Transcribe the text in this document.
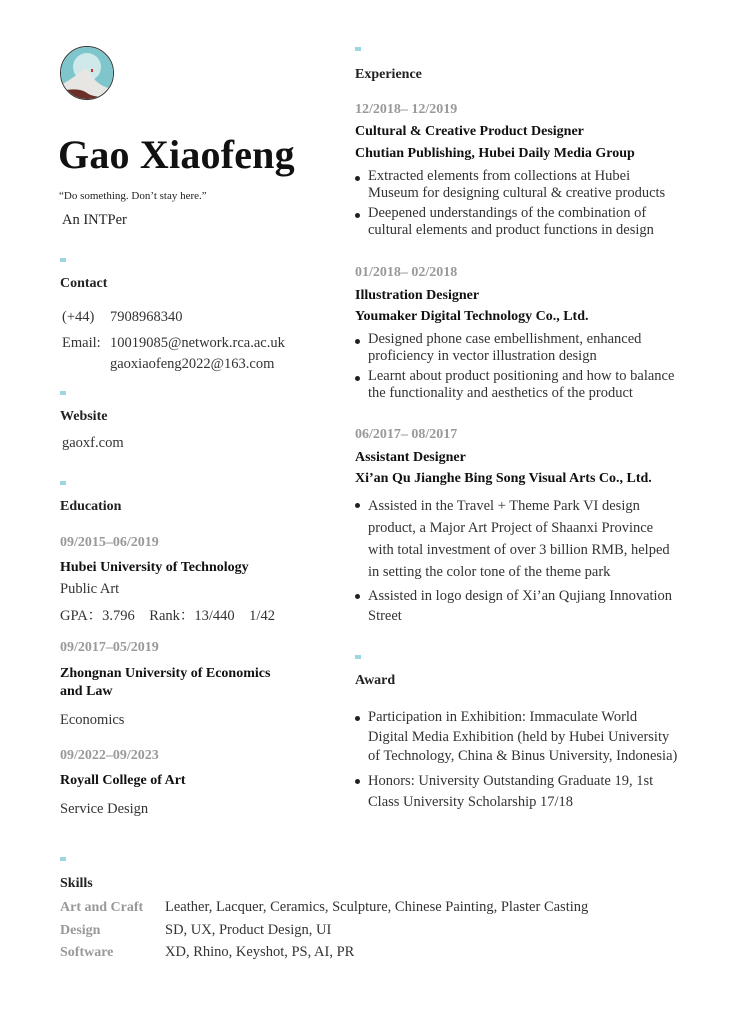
Gao Xiaofeng
“Do something. Don’t stay here.”
An INTPer
Contact
(+44) 7908968340
Email: 10019085@network.rca.ac.uk
gaoxiaofeng2022@163.com
Website
gaoxf.com
Education
09/2015–06/2019
Hubei University of Technology
Public Art
GPA：3.796　Rank：13/440　1/42
09/2017–05/2019
Zhongnan University of Economics
and Law
Economics
09/2022–09/2023
Royall College of Art
Service Design
Experience
12/2018– 12/2019
Cultural & Creative Product Designer
Chutian Publishing, Hubei Daily Media Group
Extracted elements from collections at Hubei
Museum for designing cultural & creative products
Deepened understandings of the combination of
cultural elements and product functions in design
01/2018– 02/2018
Illustration Designer
Youmaker Digital Technology Co., Ltd.
Designed phone case embellishment, enhanced
proficiency in vector illustration design
Learnt about product positioning and how to balance
the functionality and aesthetics of the product
06/2017– 08/2017
Assistant Designer
Xi’an Qu Jianghe Bing Song Visual Arts Co., Ltd.
Assisted in the Travel + Theme Park VI design
product, a Major Art Project of Shaanxi Province
with total investment of over 3 billion RMB, helped
in setting the color tone of the theme park
Assisted in logo design of Xi’an Qujiang Innovation
Street
Award
Participation in Exhibition: Immaculate World
Digital Media Exhibition (held by Hubei University
of Technology, China & Binus University, Indonesia)
Honors: University Outstanding Graduate 19, 1st
Class University Scholarship 17/18
Skills
Art and Craft Leather, Lacquer, Ceramics, Sculpture, Chinese Painting, Plaster Casting
Design	SD, UX, Product Design, UI
Software	XD, Rhino, Keyshot, PS, AI, PR
